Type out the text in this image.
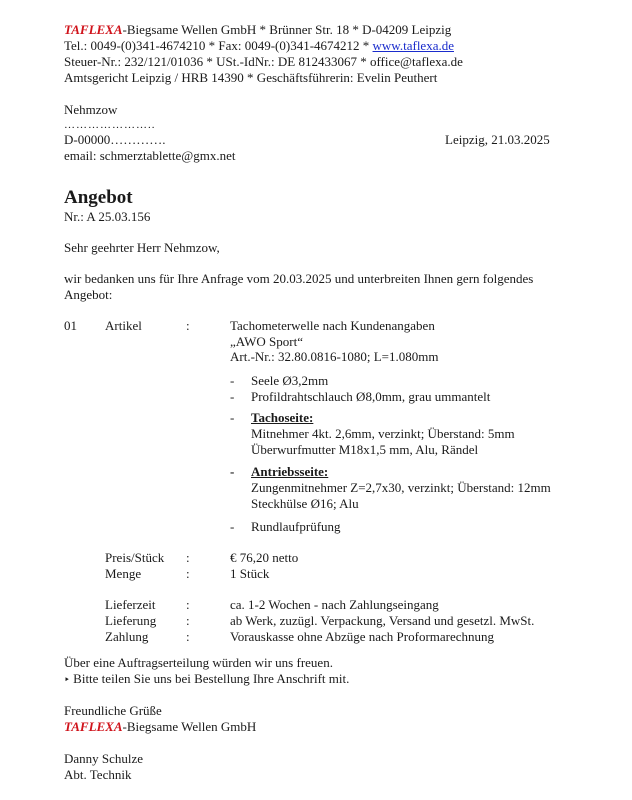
TAFLEXA-Biegsame Wellen GmbH * Brünner Str. 18 * D-04209 Leipzig
Tel.: 0049-(0)341-4674210 * Fax: 0049-(0)341-4674212 * www.taflexa.de
Steuer-Nr.: 232/121/01036 * USt.-IdNr.: DE 812433067 * office@taflexa.de
Amtsgericht Leipzig / HRB 14390 * Geschäftsführerin: Evelin Peuthert
Nehmzow
…………………..
D-00000………….	Leipzig, 21.03.2025
email: schmerztablette@gmx.net
Angebot
Nr.: A 25.03.156
Sehr geehrter Herr Nehmzow,
wir bedanken uns für Ihre Anfrage vom 20.03.2025 und unterbreiten Ihnen gern folgendes
Angebot:
01 Artikel	:	Tachometerwelle nach Kundenangaben
„AWO Sport“
Art.-Nr.: 32.80.0816-1080; L=1.080mm
- Seele Ø3,2mm
- Profildrahtschlauch Ø8,0mm, grau ummantelt
- Tachoseite:
Mitnehmer 4kt. 2,6mm, verzinkt; Überstand: 5mm
Überwurfmutter M18x1,5 mm, Alu, Rändel
- Antriebsseite:
Zungenmitnehmer Z=2,7x30, verzinkt; Überstand: 12mm
Steckhülse Ø16; Alu
- Rundlaufprüfung
Preis/Stück :	€ 76,20 netto
Menge	:	1 Stück
Lieferzeit :	ca. 1-2 Wochen - nach Zahlungseingang
Lieferung :	ab Werk, zuzügl. Verpackung, Versand und gesetzl. MwSt.
Zahlung	:	Vorauskasse ohne Abzüge nach Proformarechnung
Über eine Auftragserteilung würden wir uns freuen.
‣ Bitte teilen Sie uns bei Bestellung Ihre Anschrift mit.
Freundliche Grüße
TAFLEXA-Biegsame Wellen GmbH
Danny Schulze
Abt. Technik
